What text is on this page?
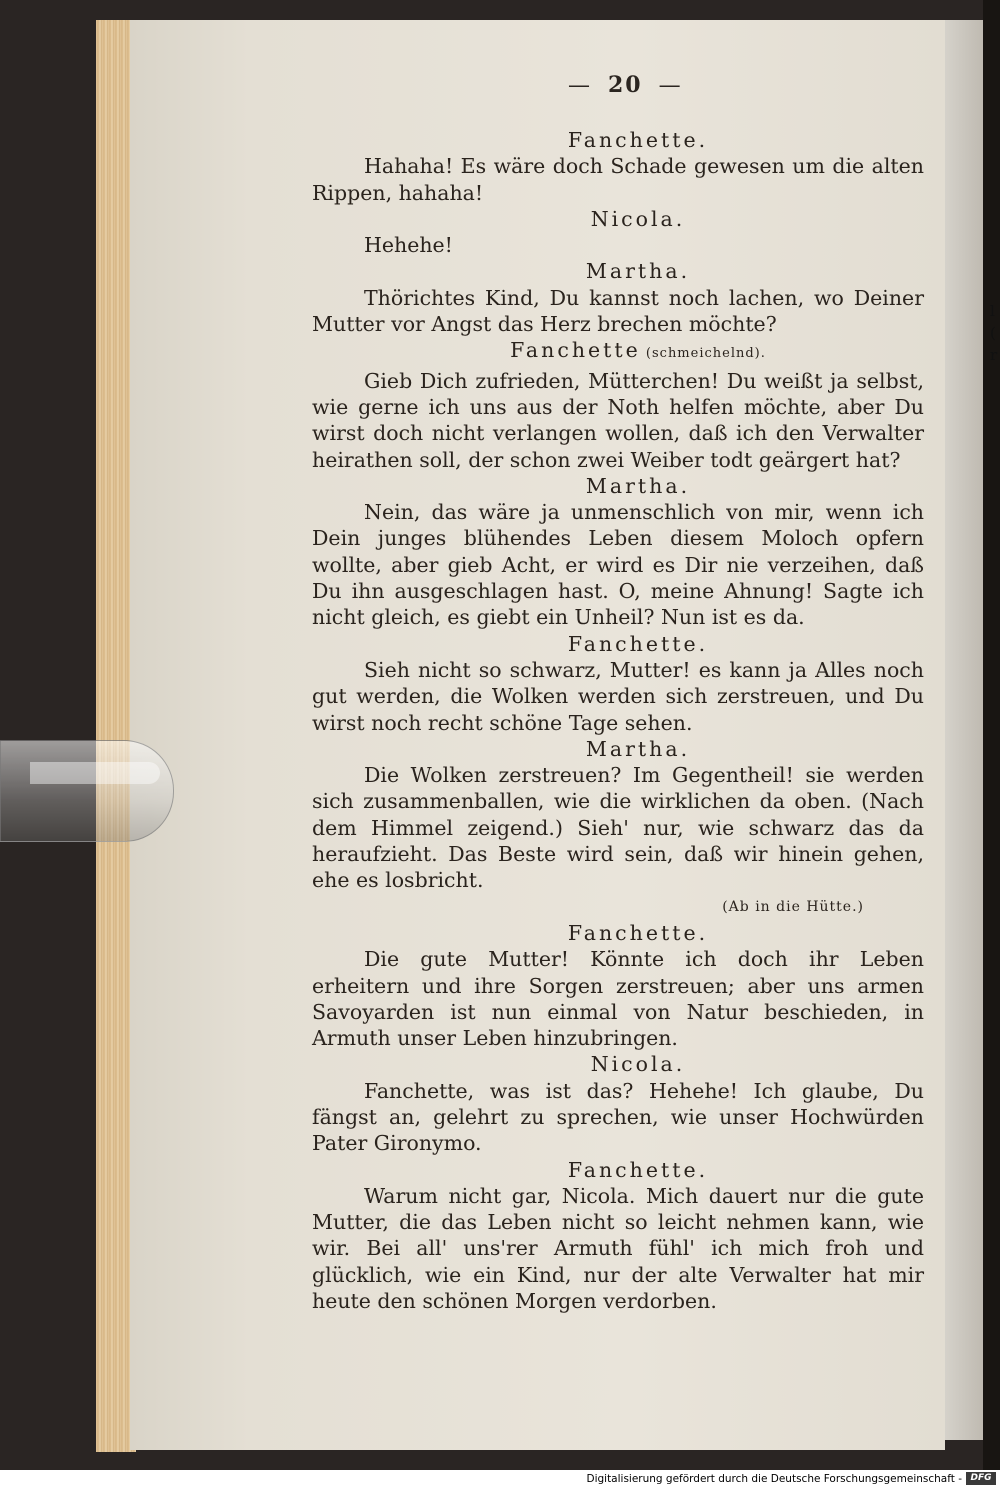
l
(
r
— 20 —
Fanchette.
Hahaha! Es wäre doch Schade gewesen um die alten Rippen, hahaha!
Nicola.
Hehehe!
Martha.
Thörichtes Kind, Du kannst noch lachen, wo Deiner Mutter vor Angst das Herz brechen möchte?
Fanchette (schmeichelnd).
Gieb Dich zufrieden, Mütterchen! Du weißt ja selbst, wie gerne ich uns aus der Noth helfen möchte, aber Du wirst doch nicht verlangen wollen, daß ich den Verwalter heirathen soll, der schon zwei Weiber todt geärgert hat?
Martha.
Nein, das wäre ja unmenschlich von mir, wenn ich Dein junges blühendes Leben diesem Moloch opfern wollte, aber gieb Acht, er wird es Dir nie verzeihen, daß Du ihn ausgeschlagen hast. O, meine Ahnung! Sagte ich nicht gleich, es giebt ein Unheil? Nun ist es da.
Fanchette.
Sieh nicht so schwarz, Mutter! es kann ja Alles noch gut werden, die Wolken werden sich zerstreuen, und Du wirst noch recht schöne Tage sehen.
Martha.
Die Wolken zerstreuen? Im Gegentheil! sie werden sich zusammenballen, wie die wirklichen da oben. (Nach dem Himmel zeigend.) Sieh' nur, wie schwarz das da heraufzieht. Das Beste wird sein, daß wir hinein gehen, ehe es losbricht.
(Ab in die Hütte.)
Fanchette.
Die gute Mutter! Könnte ich doch ihr Leben erheitern und ihre Sorgen zerstreuen; aber uns armen Savoyarden ist nun einmal von Natur beschieden, in Armuth unser Leben hinzubringen.
Nicola.
Fanchette, was ist das? Hehehe! Ich glaube, Du fängst an, gelehrt zu sprechen, wie unser Hochwürden Pater Gironymo.
Fanchette.
Warum nicht gar, Nicola. Mich dauert nur die gute Mutter, die das Leben nicht so leicht nehmen kann, wie wir. Bei all' uns'rer Armuth fühl' ich mich froh und glücklich, wie ein Kind, nur der alte Verwalter hat mir heute den schönen Morgen verdorben.
Digitalisierung gefördert durch die Deutsche Forschungsgemeinschaft - DFG
